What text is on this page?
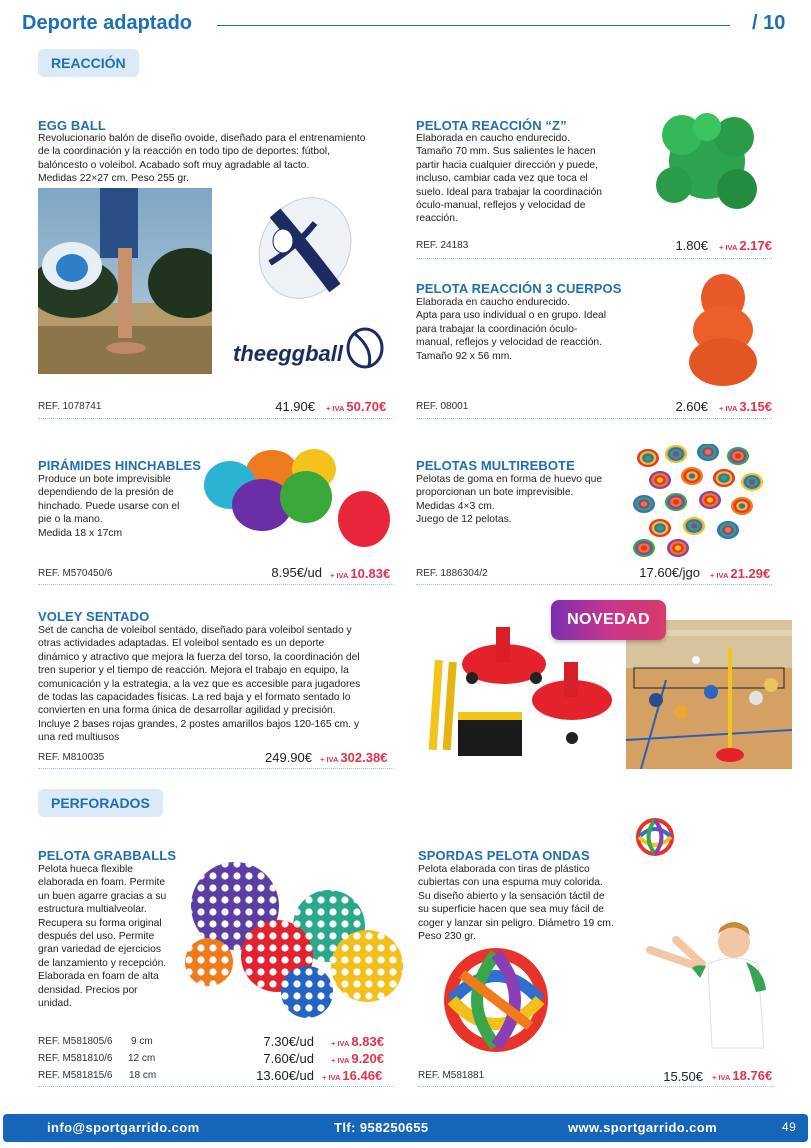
Deporte adaptado	/ 10
REACCIÓN
EGG BALL
Revolucionario balón de diseño ovoide, diseñado para el entrenamiento
de la coordinación y la reacción en todo tipo de deportes: fútbol,
balóncesto o voleibol. Acabado soft muy agradable al tacto.
Medidas 22×27 cm. Peso 255 gr.
theeggball
REF. 1078741	41.90€ + IVA 50.70€
PELOTA REACCIÓN “Z”
Elaborada en caucho endurecido.
Tamaño 70 mm. Sus salientes le hacen
partir hacia cualquier dirección y puede,
incluso, cambiar cada vez que toca el
suelo. Ideal para trabajar la coordinación
óculo-manual, reflejos y velocidad de
reacción.
REF. 24183	1.80€ + IVA 2.17€
PELOTA REACCIÓN 3 CUERPOS
Elaborada en caucho endurecido.
Apta para uso individual o en grupo. Ideal
para trabajar la coordinación óculo-
manual, reflejos y velocidad de reacción.
Tamaño 92 x 56 mm.
REF. 08001	2.60€ + IVA 3.15€
PIRÁMIDES HINCHABLES
Produce un bote imprevisible
dependiendo de la presión de
hinchado. Puede usarse con el
pie o la mano.
Medida 18 x 17cm
REF. M570450/6	8.95€/ud + IVA 10.83€
PELOTAS MULTIREBOTE
Pelotas de goma en forma de huevo que
proporcionan un bote imprevisible.
Medidas 4×3 cm.
Juego de 12 pelotas.
REF. 1886304/2	17.60€/jgo + IVA 21.29€
VOLEY SENTADO
Set de cancha de voleibol sentado, diseñado para voleibol sentado y
otras actividades adaptadas. El voleibol sentado es un deporte
dinámico y atractivo que mejora la fuerza del torso, la coordinación del
tren superior y el tiempo de reacción. Mejora el trabajo en equipo, la
comunicación y la estrategia, a la vez que es accesible para jugadores
de todas las capacidades físicas. La red baja y el formato sentado lo
convierten en una forma única de desarrollar agilidad y precisión.
Incluye 2 bases rojas grandes, 2 postes amarillos bajos 120-165 cm. y
una red multiusos
NOVEDAD
REF. M810035	249.90€ + IVA 302.38€
PERFORADOS
PELOTA GRABBALLS
Pelota hueca flexible
elaborada en foam. Permite
un buen agarre gracias a su
estructura multialveolar.
Recupera su forma original
después del uso. Permite
gran variedad de ejercicios
de lanzamiento y recepción.
Elaborada en foam de alta
densidad. Precios por
unidad.
REF. M581805/6 9 cm	7.30€/ud + IVA 8.83€
REF. M581810/6 12 cm	7.60€/ud + IVA 9.20€
REF. M581815/6 18 cm	13.60€/ud + IVA 16.46€
SPORDAS PELOTA ONDAS
Pelota elaborada con tiras de plástico
cubiertas con una espuma muy colorida.
Su diseño abierto y la sensación táctil de
su superficie hacen que sea muy fácil de
coger y lanzar sin peligro. Diámetro 19 cm.
Peso 230 gr.
REF. M581881	15.50€ + IVA 18.76€
info@sportgarrido.com	Tlf: 958250655	www.sportgarrido.com	49
